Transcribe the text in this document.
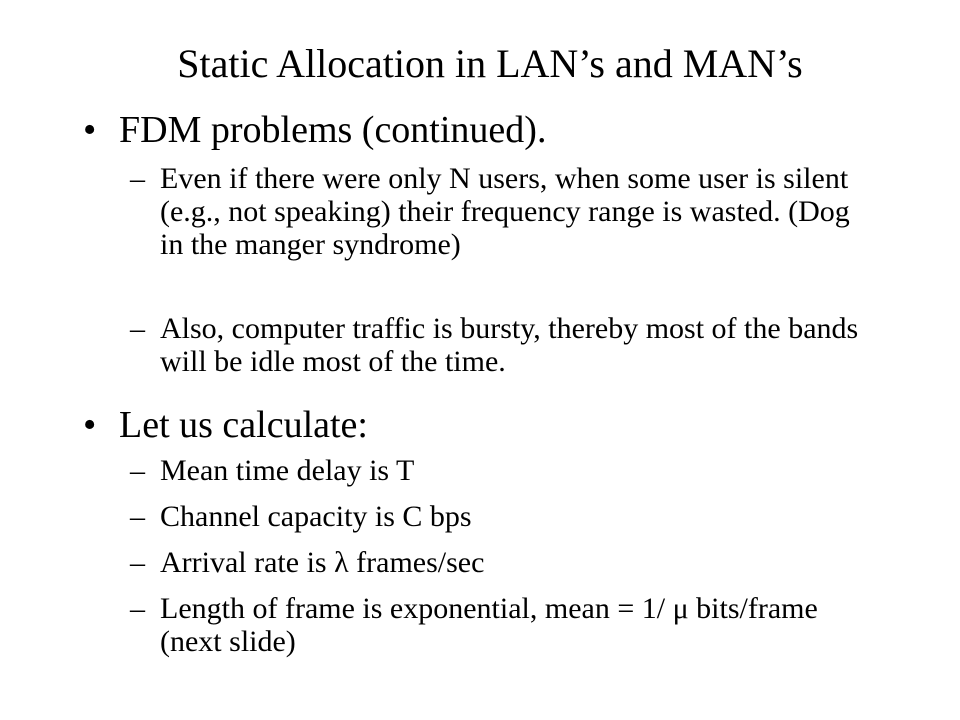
Static Allocation in LAN’s and MAN’s
• FDM problems (continued).
– Even if there were only N users, when some user is silent (e.g., not speaking) their frequency range is wasted. (Dog in the manger syndrome)
– Also, computer traffic is bursty, thereby most of the bands will be idle most of the time.
• Let us calculate:
– Mean time delay is T
– Channel capacity is C bps
– Arrival rate is λ frames/sec
– Length of frame is exponential, mean = 1/ μ bits/frame (next slide)
